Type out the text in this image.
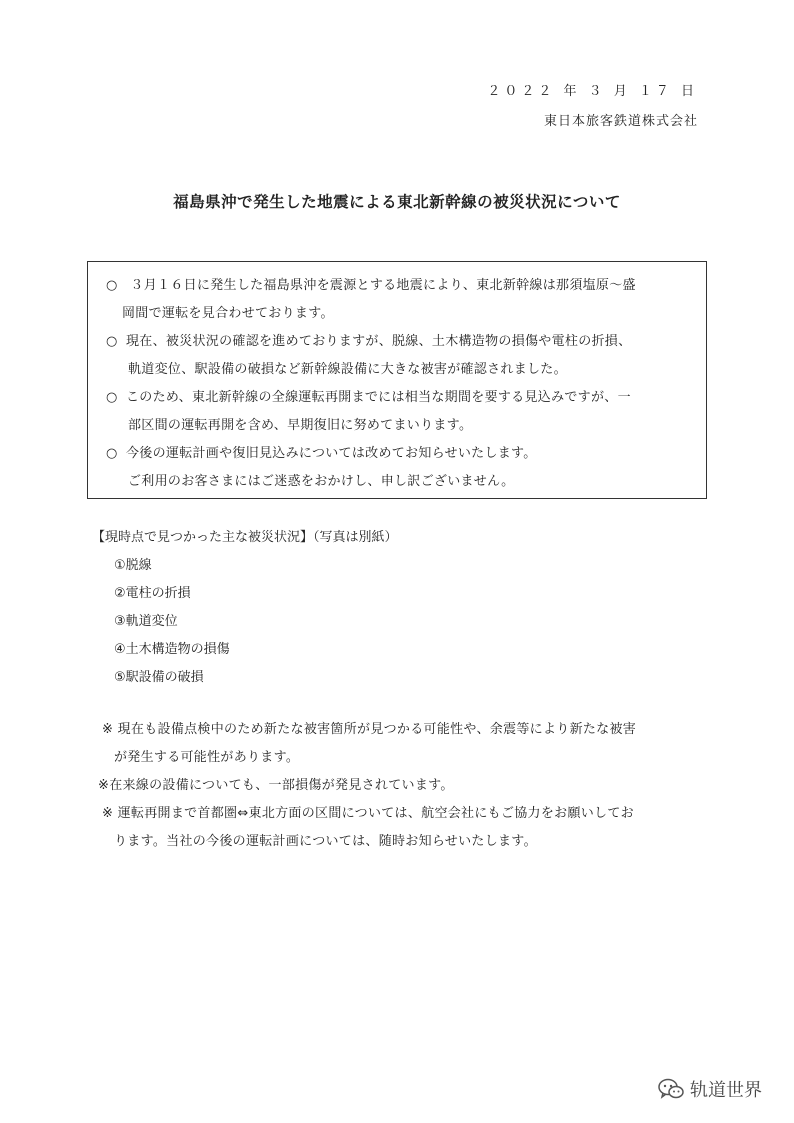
２０２２ 年 ３ 月 １７ 日
東日本旅客鉄道株式会社
福島県沖で発生した地震による東北新幹線の被災状況について
○ ３月１６日に発生した福島県沖を震源とする地震により、東北新幹線は那須塩原〜盛
岡間で運転を見合わせております。
○ 現在、被災状況の確認を進めておりますが、脱線、土木構造物の損傷や電柱の折損、
軌道変位、駅設備の破損など新幹線設備に大きな被害が確認されました。
○ このため、東北新幹線の全線運転再開までには相当な期間を要する見込みですが、一
部区間の運転再開を含め、早期復旧に努めてまいります。
○ 今後の運転計画や復旧見込みについては改めてお知らせいたします。
ご利用のお客さまにはご迷惑をおかけし、申し訳ございません。
【現時点で見つかった主な被災状況】（写真は別紙）
①脱線
②電柱の折損
③軌道変位
④土木構造物の損傷
⑤駅設備の破損
※ 現在も設備点検中のため新たな被害箇所が見つかる可能性や、余震等により新たな被害
が発生する可能性があります。
※在来線の設備についても、一部損傷が発見されています。
※ 運転再開まで首都圏⇔東北方面の区間については、航空会社にもご協力をお願いしてお
ります。当社の今後の運転計画については、随時お知らせいたします。
轨道世界
